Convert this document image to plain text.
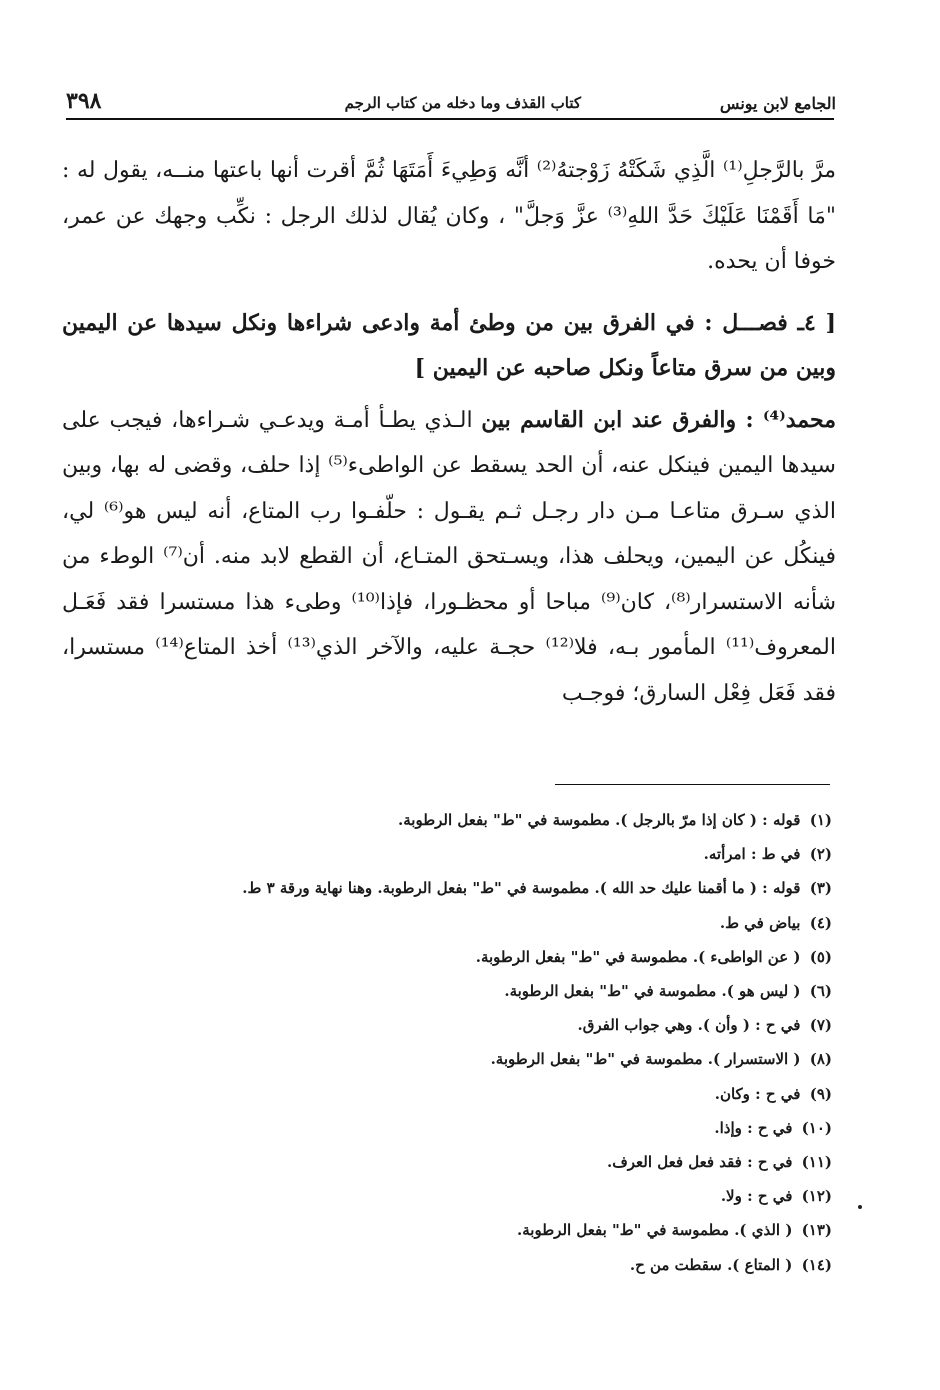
الجامع لابن يونس
كتاب القذف وما دخله من كتاب الرجم
٣٩٨

مرَّ بالرَّجلِ⁽¹⁾ الَّذِي شَكَتْهُ زَوْجتهُ⁽²⁾ أنَّه وَطِيءَ أَمَتَهَا ثُمَّ أقرت أنها باعتها منــه، يقول له : "مَا أَقَمْنَا عَلَيْكَ حَدَّ اللهِ⁽³⁾ عزَّ وَجلَّ" ، وكان يُقال لذلك الرجل : نكِّب وجهك عن عمر، خوفا أن يحده.

[ ٤ـ فصـــل : في الفرق بين من وطئ أمة وادعى شراءها ونكل سيدها عن اليمين وبين من سرق متاعاً ونكل صاحبه عن اليمين ]

محمد⁽⁴⁾ : والفرق عند ابن القاسم بين الـذي يطـأ أمـة ويدعـي شـراءها، فيجب على سيدها اليمين فينكل عنه، أن الحد يسقط عن الواطىء⁽⁵⁾ إذا حلف، وقضى له بها، وبين الذي سـرق متاعـا مـن دار رجـل ثـم يقـول : حلّفـوا رب المتاع، أنه ليس هو⁽⁶⁾ لي، فينكُل عن اليمين، ويحلف هذا، ويسـتحق المتـاع، أن القطع لابد منه. أن⁽⁷⁾ الوطء من شأنه الاستسرار⁽⁸⁾، كان⁽⁹⁾ مباحا أو محظـورا، فإذا⁽¹⁰⁾ وطىء هذا مستسرا فقد فَعَـل المعروف⁽¹¹⁾ المأمور بـه، فلا⁽¹²⁾ حجـة عليه، والآخر الذي⁽¹³⁾ أخذ المتاع⁽¹⁴⁾ مستسرا، فقد فَعَل فِعْل السارق؛ فوجـب

(١) قوله : ( كان إذا مرّ بالرجل ). مطموسة في "ط" بفعل الرطوبة.
(٢) في ط : امرأته.
(٣) قوله : ( ما أقمنا عليك حد الله ). مطموسة في "ط" بفعل الرطوبة. وهنا نهاية ورقة ٣ ط.
(٤) بياض في ط.
(٥) ( عن الواطىء ). مطموسة في "ط" بفعل الرطوبة.
(٦) ( ليس هو ). مطموسة في "ط" بفعل الرطوبة.
(٧) في ح : ( وأن ). وهي جواب الفرق.
(٨) ( الاستسرار ). مطموسة في "ط" بفعل الرطوبة.
(٩) في ح : وكان.
(١٠) في ح : وإذا.
(١١) في ح : فقد فعل فعل العرف.
(١٢) في ح : ولا.
(١٣) ( الذي ). مطموسة في "ط" بفعل الرطوبة.
(١٤) ( المتاع ). سقطت من ح.
